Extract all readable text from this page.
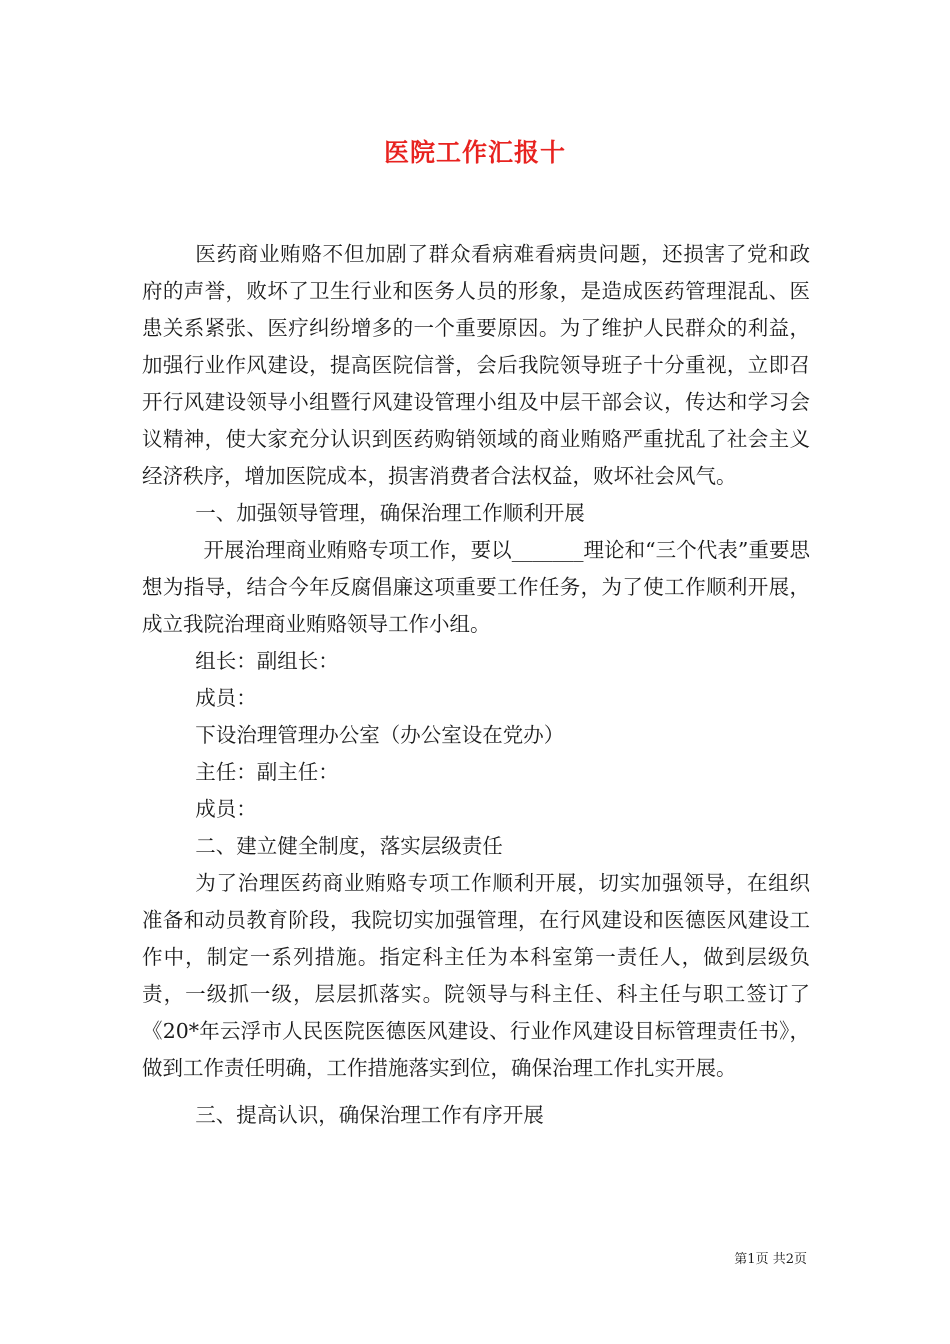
医院工作汇报十

医药商业贿赂不但加剧了群众看病难看病贵问题，还损害了党和政府的声誉，败坏了卫生行业和医务人员的形象，是造成医药管理混乱、医患关系紧张、医疗纠纷增多的一个重要原因。为了维护人民群众的利益，加强行业作风建设，提高医院信誉，会后我院领导班子十分重视，立即召开行风建设领导小组暨行风建设管理小组及中层干部会议，传达和学习会议精神，使大家充分认识到医药购销领域的商业贿赂严重扰乱了社会主义经济秩序，增加医院成本，损害消费者合法权益，败坏社会风气。

一、加强领导管理，确保治理工作顺利开展

开展治理商业贿赂专项工作，要以_______理论和“三个代表”重要思想为指导，结合今年反腐倡廉这项重要工作任务，为了使工作顺利开展，成立我院治理商业贿赂领导工作小组。

组长：副组长：

成员：

下设治理管理办公室（办公室设在党办）

主任：副主任：

成员：

二、建立健全制度，落实层级责任

为了治理医药商业贿赂专项工作顺利开展，切实加强领导，在组织准备和动员教育阶段，我院切实加强管理，在行风建设和医德医风建设工作中，制定一系列措施。指定科主任为本科室第一责任人，做到层级负责，一级抓一级，层层抓落实。院领导与科主任、科主任与职工签订了《20*年云浮市人民医院医德医风建设、行业作风建设目标管理责任书》，做到工作责任明确，工作措施落实到位，确保治理工作扎实开展。

三、提高认识，确保治理工作有序开展

第1页 共2页
